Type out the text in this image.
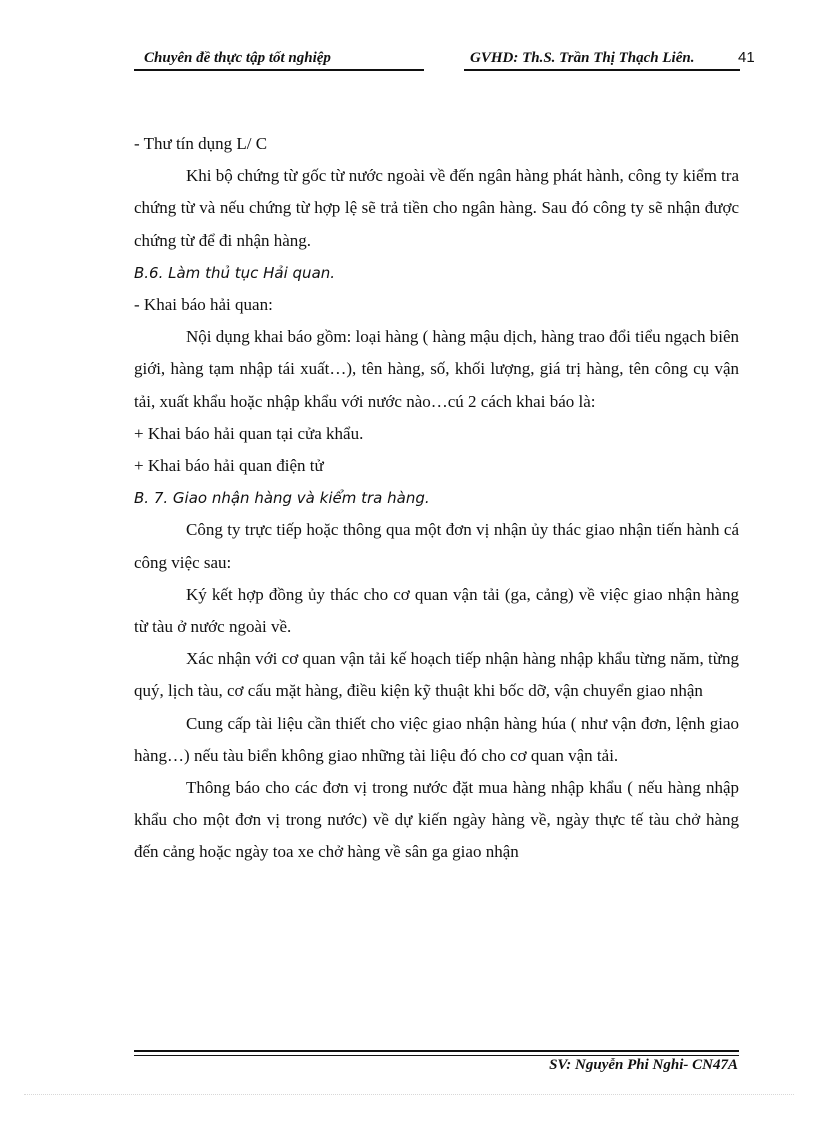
Chuyên đề thực tập tốt nghiệp	GVHD: Th.S. Trần Thị Thạch Liên.	41

- Thư tín dụng L/ C

Khi bộ chứng từ gốc từ nước ngoài về đến ngân hàng phát hành, công ty kiểm tra chứng từ và nếu chứng từ hợp lệ sẽ trả tiền cho ngân hàng. Sau đó công ty sẽ nhận được chứng từ để đi nhận hàng.

B.6. Làm thủ tục Hải quan.

- Khai báo hải quan:

Nội dụng khai báo gồm: loại hàng ( hàng mậu dịch, hàng trao đổi tiểu ngạch biên giới, hàng tạm nhập tái xuất…), tên hàng, số, khối lượng, giá trị hàng, tên công cụ vận tải, xuất khẩu hoặc nhập khẩu với nước nào…cú 2 cách khai báo là:

+ Khai báo hải quan tại cửa khẩu.

+ Khai báo hải quan điện tử

B. 7. Giao nhận hàng và kiểm tra hàng.

Công ty trực tiếp hoặc thông qua một đơn vị nhận ủy thác giao nhận tiến hành cá công việc sau:

Ký kết hợp đồng ủy thác cho cơ quan vận tải (ga, cảng) về việc giao nhận hàng từ tàu ở nước ngoài về.

Xác nhận với cơ quan vận tải kế hoạch tiếp nhận hàng nhập khẩu từng năm, từng quý, lịch tàu, cơ cấu mặt hàng, điều kiện kỹ thuật khi bốc dỡ, vận chuyển giao nhận

Cung cấp tài liệu cần thiết cho việc giao nhận hàng húa ( như vận đơn, lệnh giao hàng…) nếu tàu biển không giao những tài liệu đó cho cơ quan vận tải.

Thông báo cho các đơn vị trong nước đặt mua hàng nhập khẩu ( nếu hàng nhập khẩu cho một đơn vị trong nước) về dự kiến ngày hàng về, ngày thực tế tàu chở hàng đến cảng hoặc ngày toa xe chở hàng về sân ga giao nhận

SV: Nguyễn Phi Nghi- CN47A
